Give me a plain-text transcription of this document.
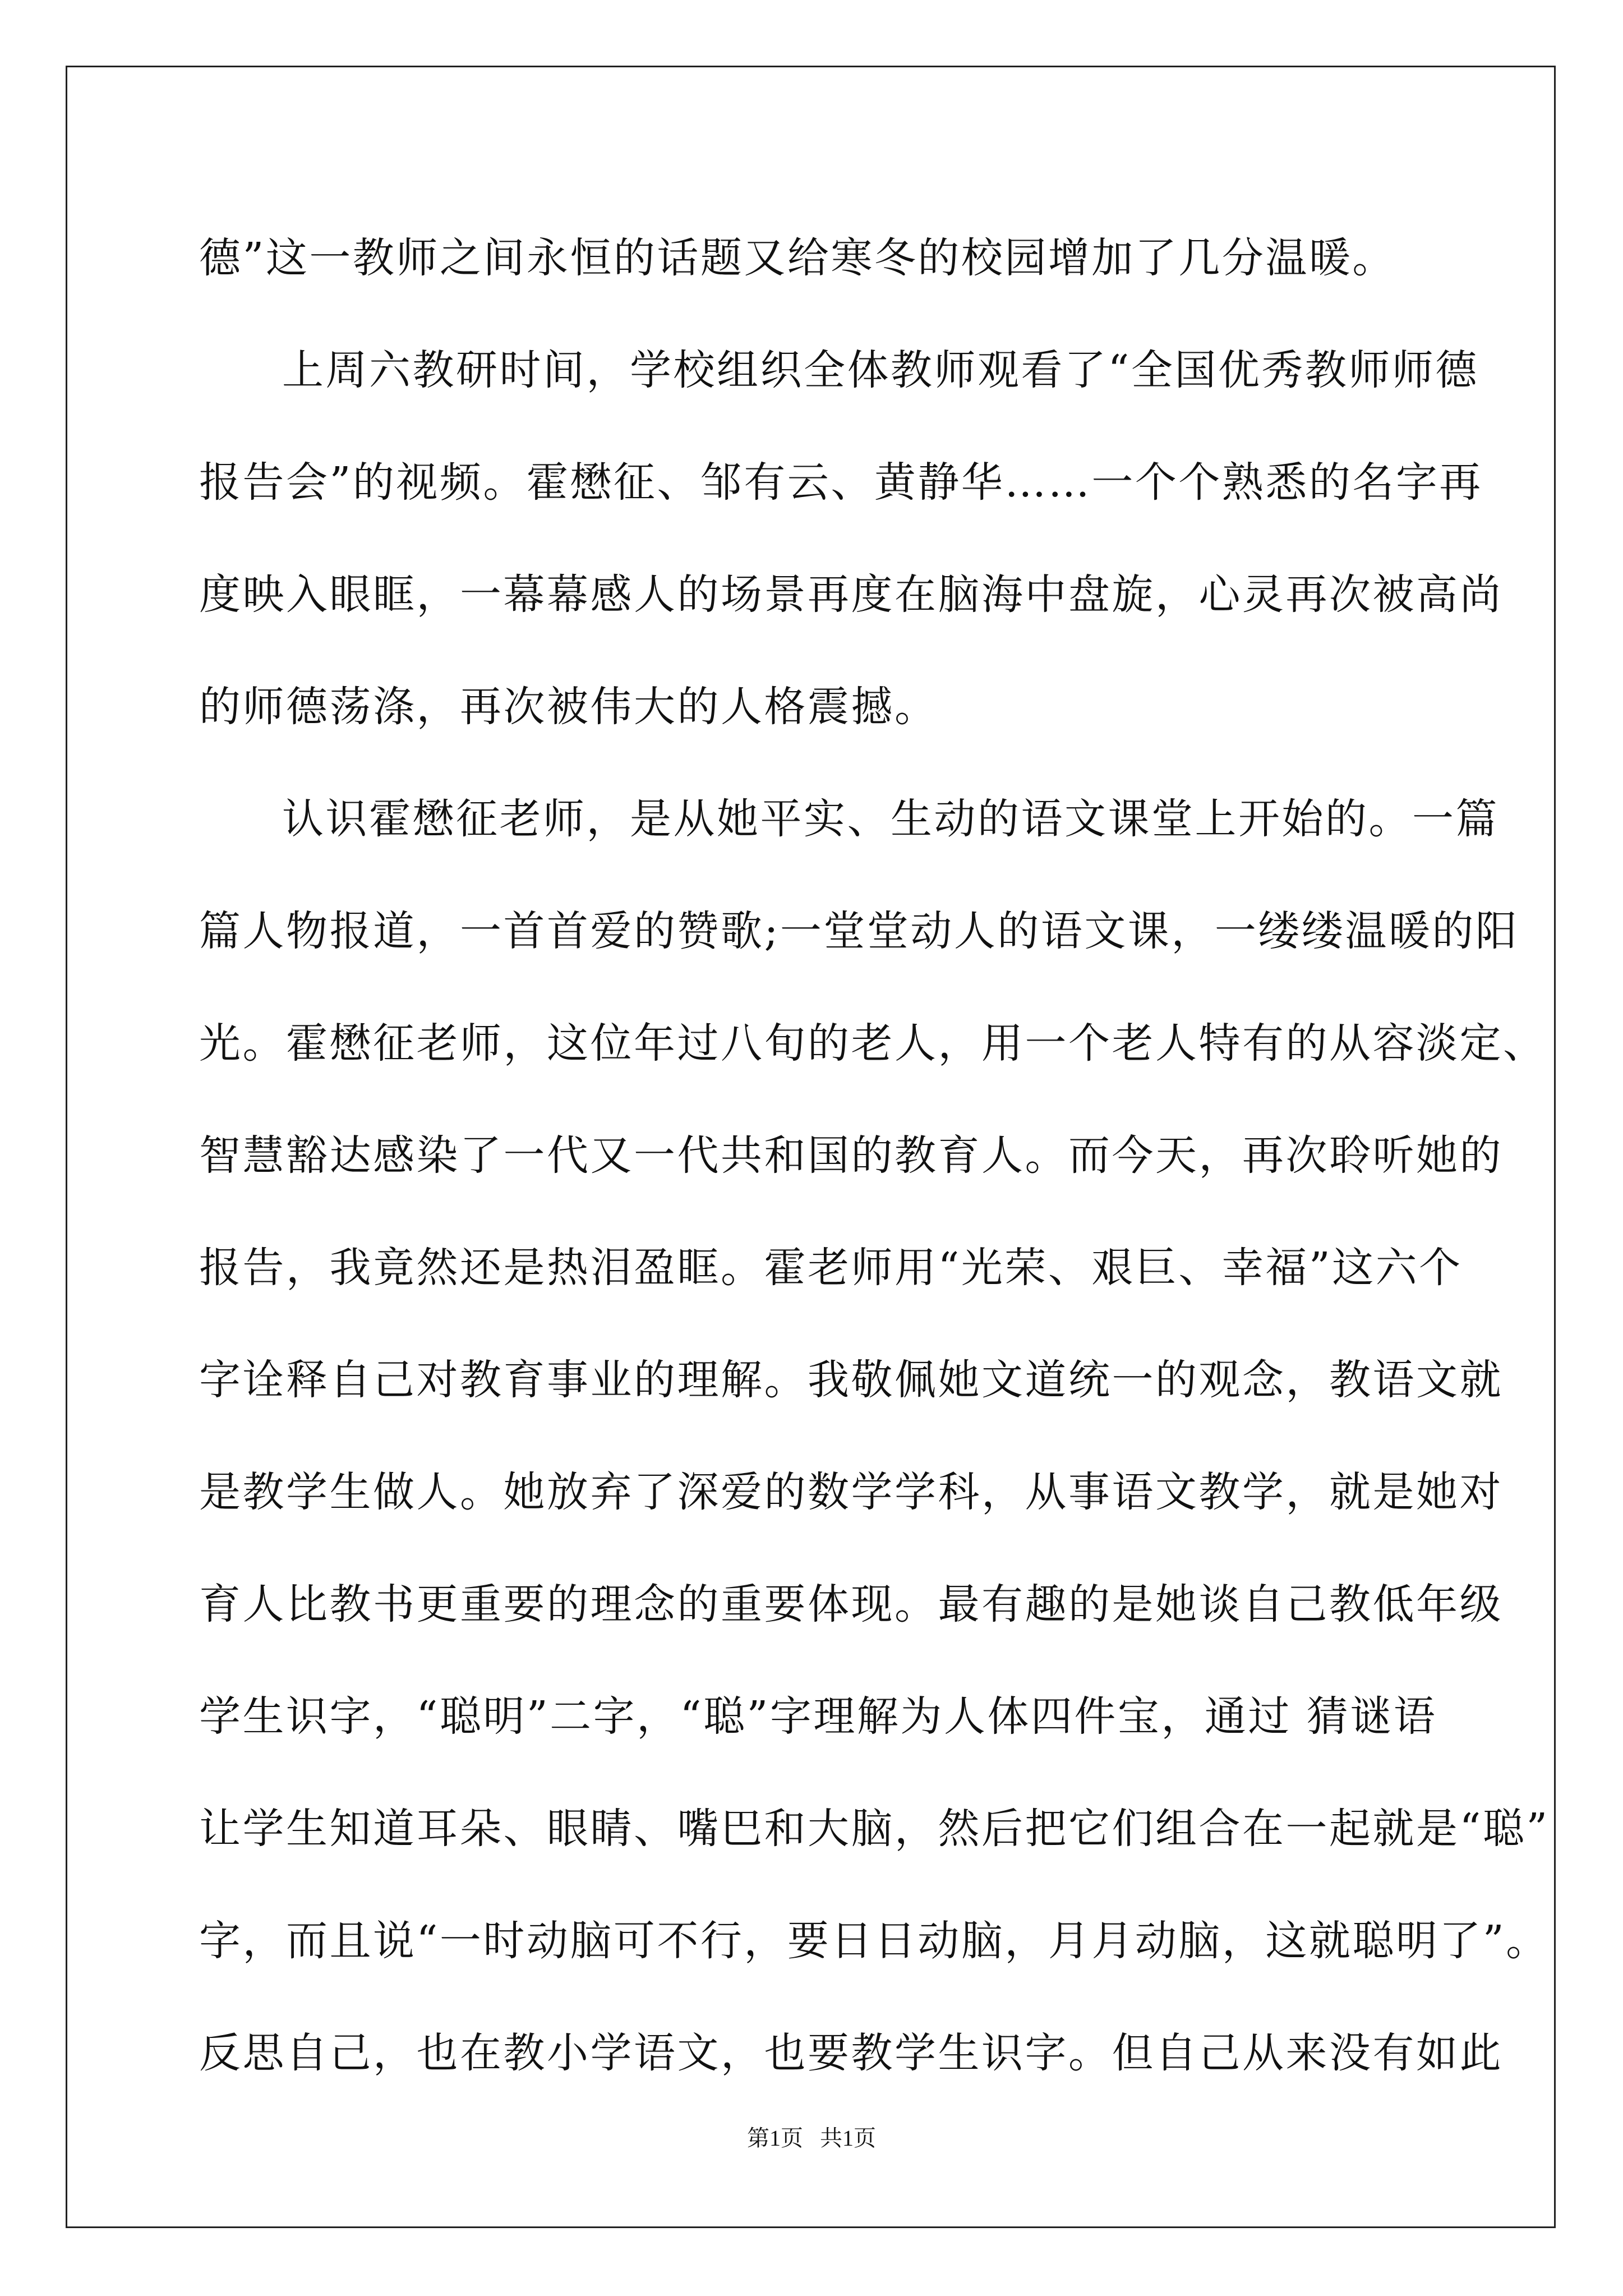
德”这一教师之间永恒的话题又给寒冬的校园增加了几分温暖。
上周六教研时间，学校组织全体教师观看了“全国优秀教师师德
报告会”的视频。霍懋征、邹有云、黄静华……一个个熟悉的名字再
度映入眼眶，一幕幕感人的场景再度在脑海中盘旋，心灵再次被高尚
的师德荡涤，再次被伟大的人格震撼。
认识霍懋征老师，是从她平实、生动的语文课堂上开始的。一篇
篇人物报道，一首首爱的赞歌;一堂堂动人的语文课，一缕缕温暖的阳
光。霍懋征老师，这位年过八旬的老人，用一个老人特有的从容淡定、
智慧豁达感染了一代又一代共和国的教育人。而今天，再次聆听她的
报告，我竟然还是热泪盈眶。霍老师用“光荣、艰巨、幸福”这六个
字诠释自己对教育事业的理解。我敬佩她文道统一的观念，教语文就
是教学生做人。她放弃了深爱的数学学科，从事语文教学，就是她对
育人比教书更重要的理念的重要体现。最有趣的是她谈自己教低年级
学生识字，“聪明”二字，“聪”字理解为人体四件宝，通过 猜谜语
让学生知道耳朵、眼睛、嘴巴和大脑，然后把它们组合在一起就是“聪”
字，而且说“一时动脑可不行，要日日动脑，月月动脑，这就聪明了”。
反思自己，也在教小学语文，也要教学生识字。但自己从来没有如此
第1页   共1页
